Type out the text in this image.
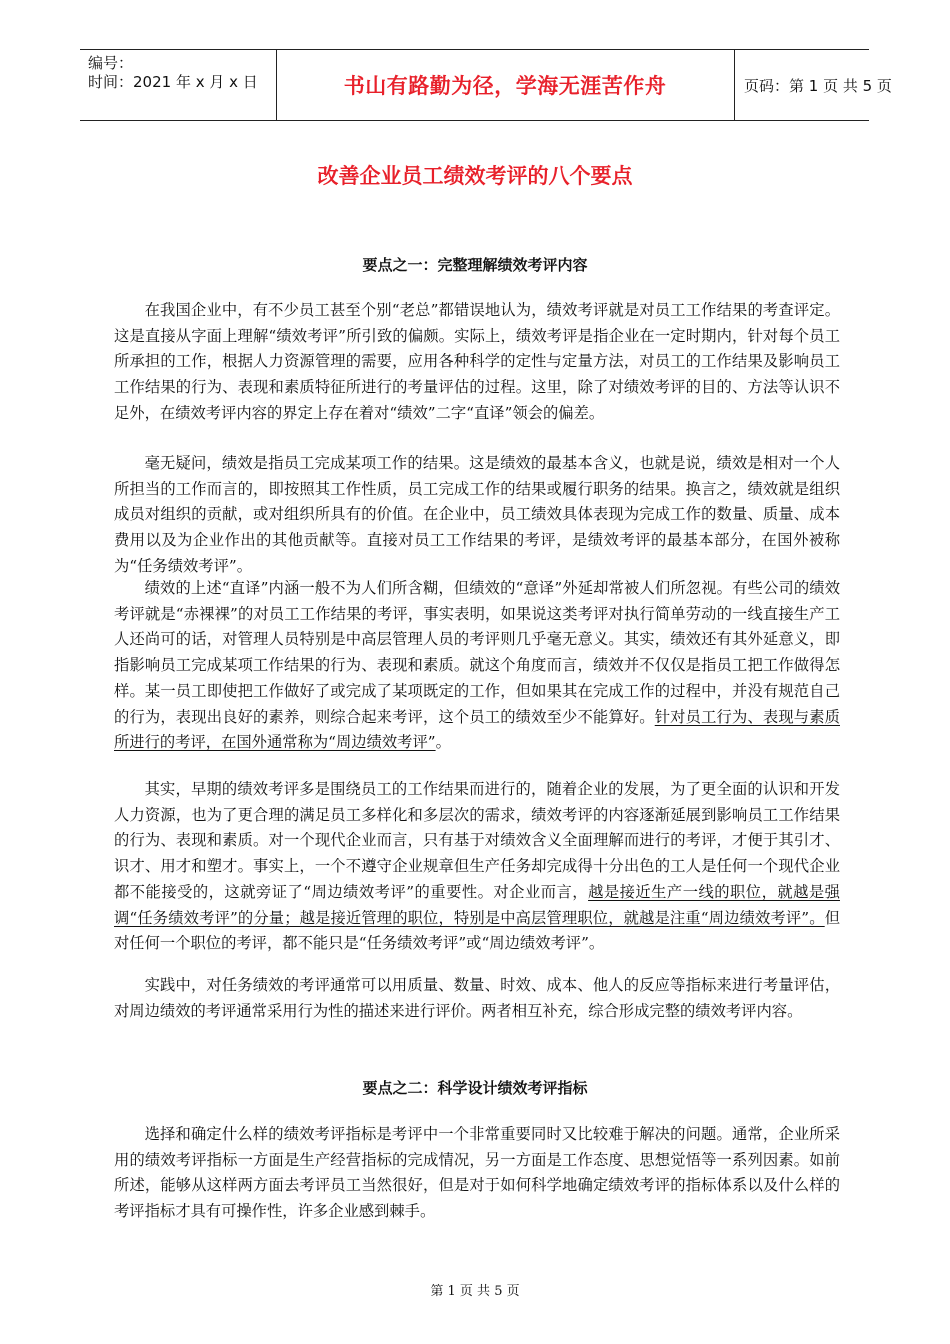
编号：
时间：2021 年 x 月 x 日	书山有路勤为径，学海无涯苦作舟	页码：第 1 页 共 5 页
改善企业员工绩效考评的八个要点
要点之一：完整理解绩效考评内容

在我国企业中，有不少员工甚至个别“老总”都错误地认为，绩效考评就是对员工工作结果的考查评定。这是直接从字面上理解“绩效考评”所引致的偏颇。实际上，绩效考评是指企业在一定时期内，针对每个员工所承担的工作，根据人力资源管理的需要，应用各种科学的定性与定量方法，对员工的工作结果及影响员工工作结果的行为、表现和素质特征所进行的考量评估的过程。这里，除了对绩效考评的目的、方法等认识不足外，在绩效考评内容的界定上存在着对“绩效”二字“直译”领会的偏差。

毫无疑问，绩效是指员工完成某项工作的结果。这是绩效的最基本含义，也就是说，绩效是相对一个人所担当的工作而言的，即按照其工作性质，员工完成工作的结果或履行职务的结果。换言之，绩效就是组织成员对组织的贡献，或对组织所具有的价值。在企业中，员工绩效具体表现为完成工作的数量、质量、成本费用以及为企业作出的其他贡献等。直接对员工工作结果的考评，是绩效考评的最基本部分，在国外被称为“任务绩效考评”。

绩效的上述“直译”内涵一般不为人们所含糊，但绩效的“意译”外延却常被人们所忽视。有些公司的绩效考评就是“赤裸裸”的对员工工作结果的考评，事实表明，如果说这类考评对执行简单劳动的一线直接生产工人还尚可的话，对管理人员特别是中高层管理人员的考评则几乎毫无意义。其实，绩效还有其外延意义，即指影响员工完成某项工作结果的行为、表现和素质。就这个角度而言，绩效并不仅仅是指员工把工作做得怎样。某一员工即使把工作做好了或完成了某项既定的工作，但如果其在完成工作的过程中，并没有规范自己的行为，表现出良好的素养，则综合起来考评，这个员工的绩效至少不能算好。针对员工行为、表现与素质所进行的考评，在国外通常称为“周边绩效考评”。

其实，早期的绩效考评多是围绕员工的工作结果而进行的，随着企业的发展，为了更全面的认识和开发人力资源，也为了更合理的满足员工多样化和多层次的需求，绩效考评的内容逐渐延展到影响员工工作结果的行为、表现和素质。对一个现代企业而言，只有基于对绩效含义全面理解而进行的考评，才便于其引才、识才、用才和塑才。事实上，一个不遵守企业规章但生产任务却完成得十分出色的工人是任何一个现代企业都不能接受的，这就旁证了“周边绩效考评”的重要性。对企业而言，越是接近生产一线的职位，就越是强调“任务绩效考评”的分量；越是接近管理的职位，特别是中高层管理职位，就越是注重“周边绩效考评”。但对任何一个职位的考评，都不能只是“任务绩效考评”或“周边绩效考评”。

实践中，对任务绩效的考评通常可以用质量、数量、时效、成本、他人的反应等指标来进行考量评估，对周边绩效的考评通常采用行为性的描述来进行评价。两者相互补充，综合形成完整的绩效考评内容。

要点之二：科学设计绩效考评指标

选择和确定什么样的绩效考评指标是考评中一个非常重要同时又比较难于解决的问题。通常，企业所采用的绩效考评指标一方面是生产经营指标的完成情况，另一方面是工作态度、思想觉悟等一系列因素。如前所述，能够从这样两方面去考评员工当然很好，但是对于如何科学地确定绩效考评的指标体系以及什么样的考评指标才具有可操作性，许多企业感到棘手。

第 1 页 共 5 页
